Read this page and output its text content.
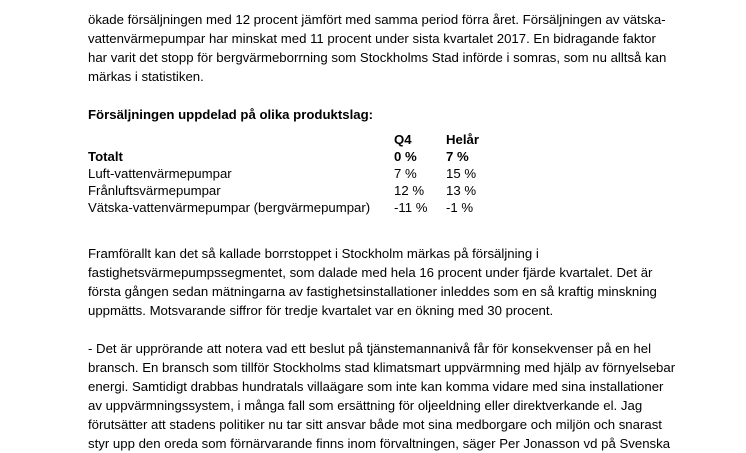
ökade försäljningen med 12 procent jämfört med samma period förra året. Försäljningen av vätska-
vattenvärmepumpar har minskat med 11 procent under sista kvartalet 2017. En bidragande faktor
har varit det stopp för bergvärmeborrning som Stockholms Stad införde i somras, som nu alltså kan
märkas i statistiken.
Försäljningen uppdelad på olika produktslag:
	Q4	Helår
Totalt	0 %	7 %
Luft-vattenvärmepumpar	7 %	15 %
Frånluftsvärmepumpar	12 %	13 %
Vätska-vattenvärmepumpar (bergvärmepumpar)	-11 %	-1 %
Framförallt kan det så kallade borrstoppet i Stockholm märkas på försäljning i
fastighetsvärmepumpssegmentet, som dalade med hela 16 procent under fjärde kvartalet. Det är
första gången sedan mätningarna av fastighetsinstallationer inleddes som en så kraftig minskning
uppmätts. Motsvarande siffror för tredje kvartalet var en ökning med 30 procent.
- Det är upprörande att notera vad ett beslut på tjänstemannanivå får för konsekvenser på en hel
bransch. En bransch som tillför Stockholms stad klimatsmart uppvärmning med hjälp av förnyelsebar
energi. Samtidigt drabbas hundratals villaägare som inte kan komma vidare med sina installationer
av uppvärmningssystem, i många fall som ersättning för oljeeldning eller direktverkande el. Jag
förutsätter att stadens politiker nu tar sitt ansvar både mot sina medborgare och miljön och snarast
styr upp den oreda som förnärvarande finns inom förvaltningen, säger Per Jonasson vd på Svenska
